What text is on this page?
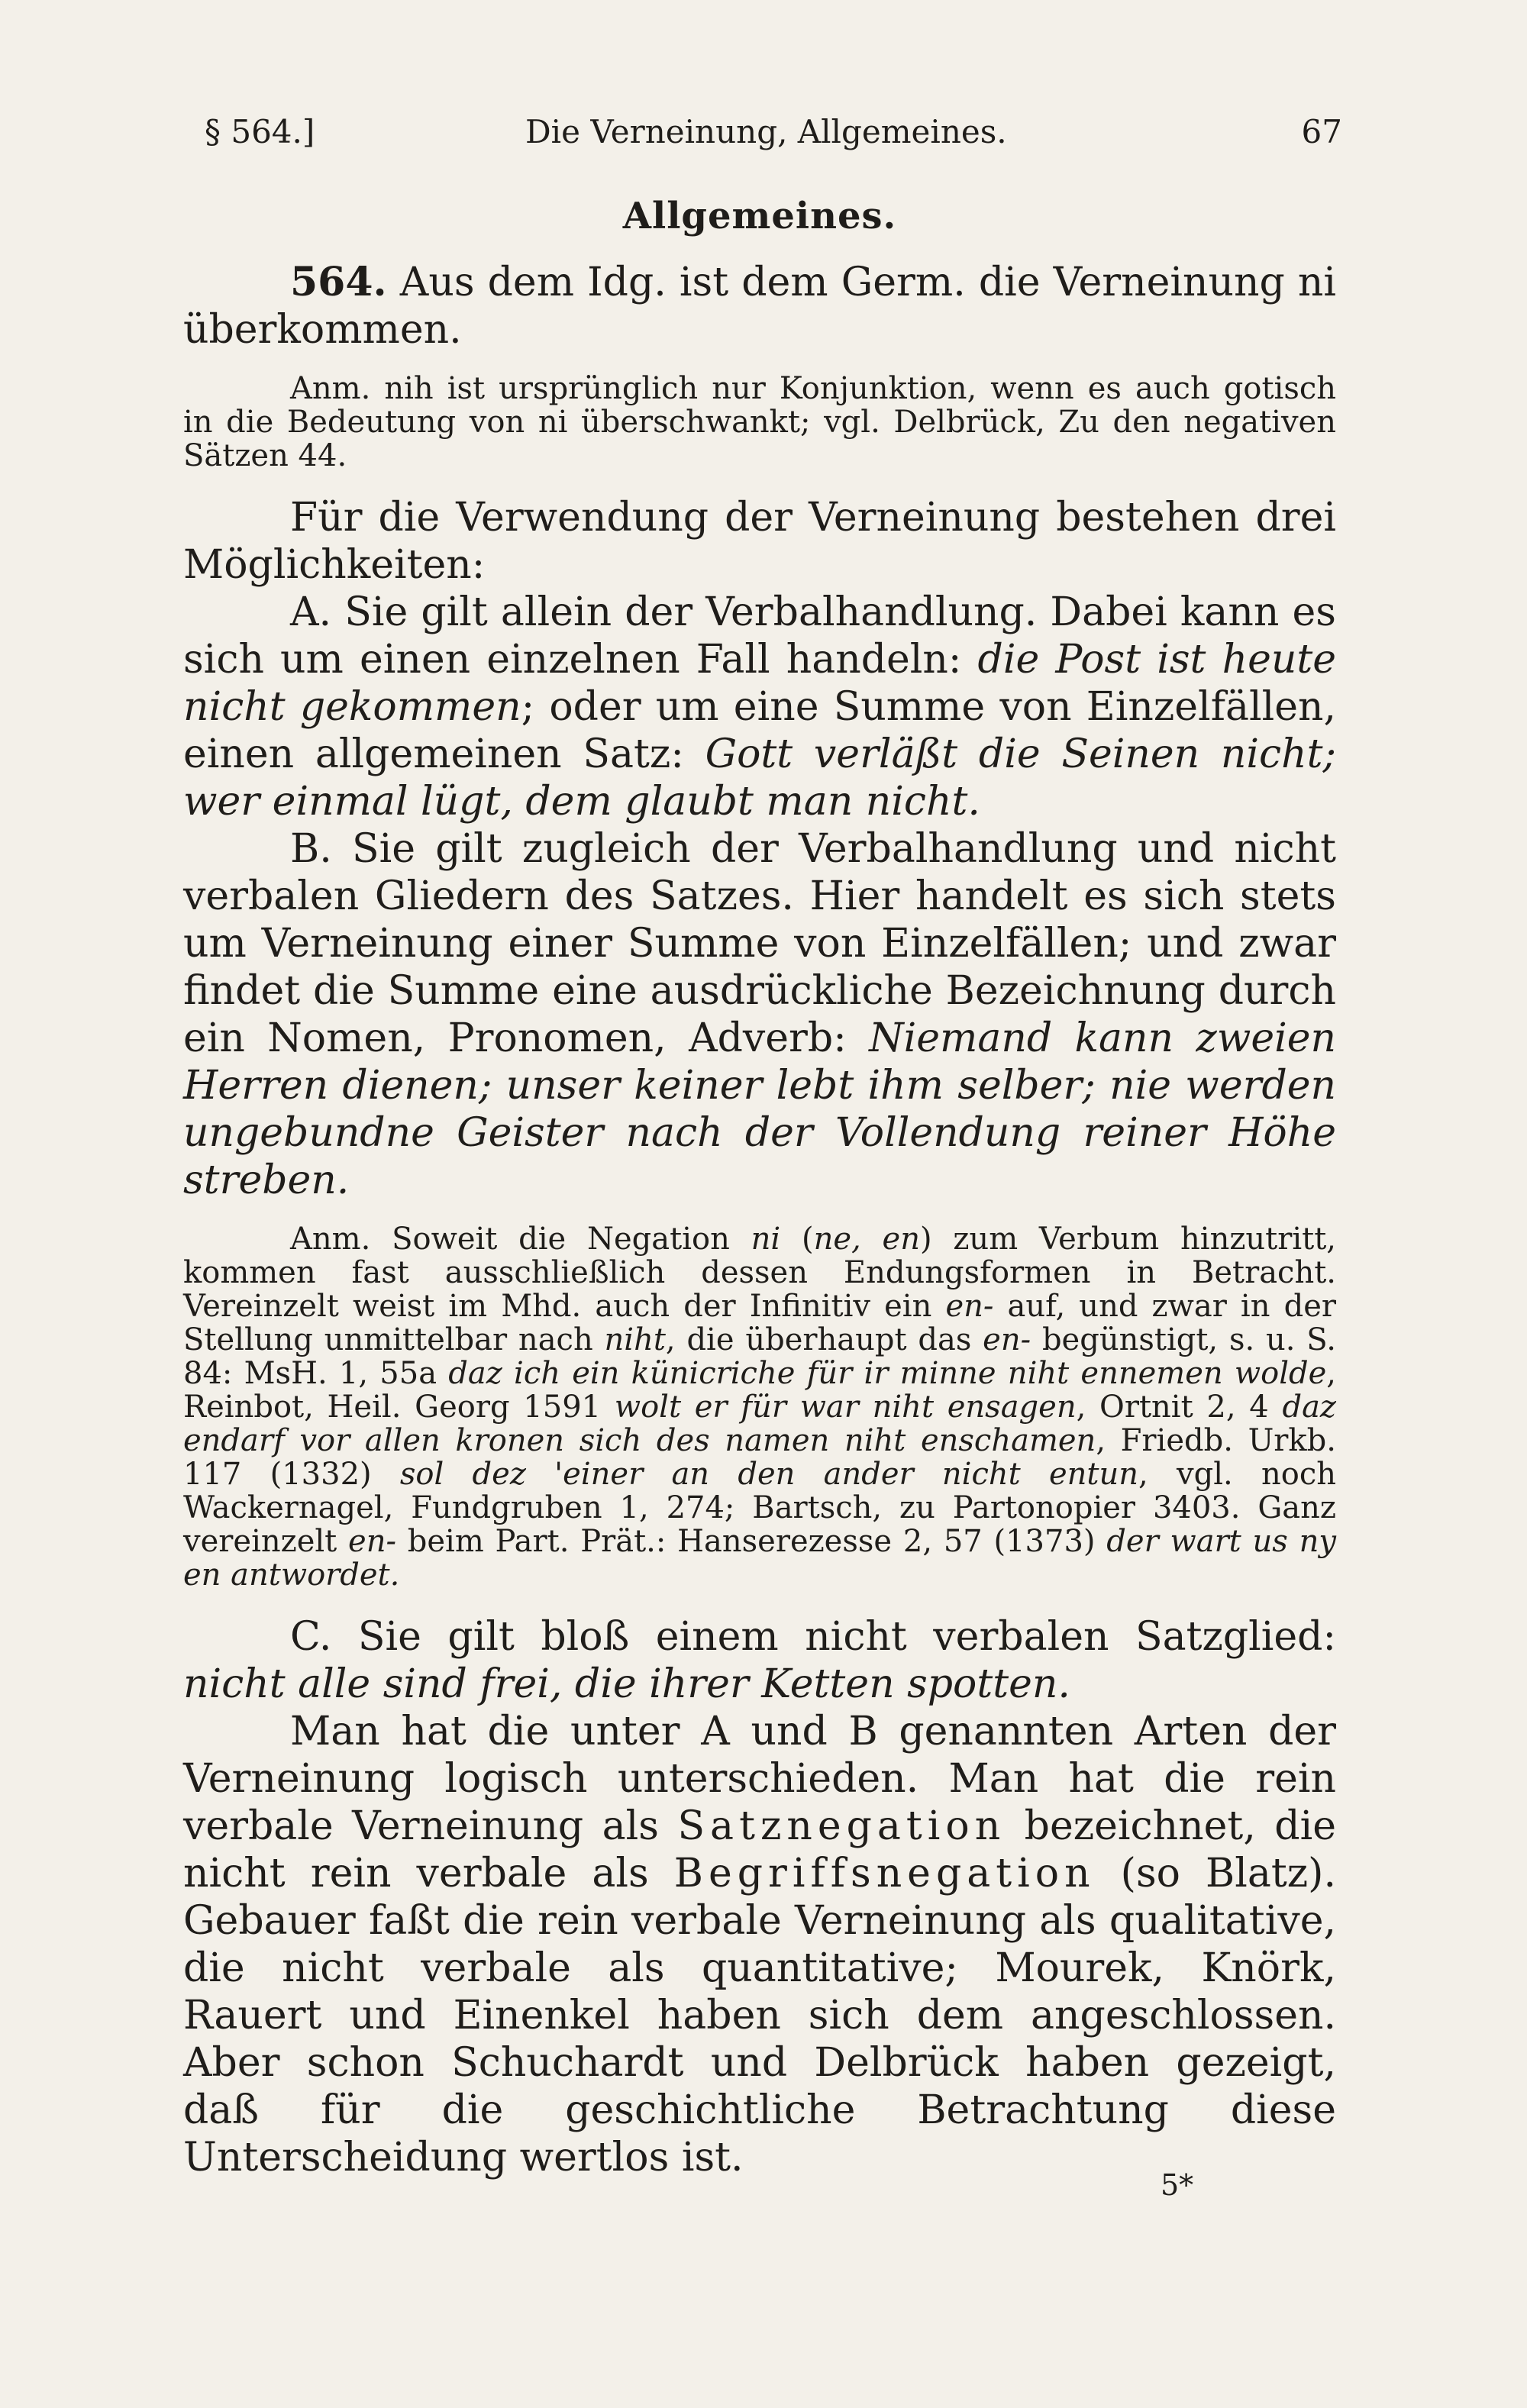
§ 564.]	Die Verneinung, Allgemeines.	67
Allgemeines.

564. Aus dem Idg. ist dem Germ. die Verneinung ni überkommen.

Anm. nih ist ursprünglich nur Konjunktion, wenn es auch gotisch in die Bedeutung von ni überschwankt; vgl. Delbrück, Zu den negativen Sätzen 44.

Für die Verwendung der Verneinung bestehen drei Möglichkeiten:

A. Sie gilt allein der Verbalhandlung. Dabei kann es sich um einen einzelnen Fall handeln: die Post ist heute nicht gekommen; oder um eine Summe von Einzelfällen, einen allgemeinen Satz: Gott verläßt die Seinen nicht; wer einmal lügt, dem glaubt man nicht.

B. Sie gilt zugleich der Verbalhandlung und nicht verbalen Gliedern des Satzes. Hier handelt es sich stets um Verneinung einer Summe von Einzelfällen; und zwar findet die Summe eine ausdrückliche Bezeichnung durch ein Nomen, Pronomen, Adverb: Niemand kann zweien Herren dienen; unser keiner lebt ihm selber; nie werden ungebundne Geister nach der Vollendung reiner Höhe streben.

Anm. Soweit die Negation ni (ne, en) zum Verbum hinzutritt, kommen fast ausschließlich dessen Endungsformen in Betracht. Vereinzelt weist im Mhd. auch der Infinitiv ein en- auf, und zwar in der Stellung unmittelbar nach niht, die überhaupt das en- begünstigt, s. u. S. 84: MsH. 1, 55a daz ich ein künicriche für ir minne niht ennemen wolde, Reinbot, Heil. Georg 1591 wolt er für war niht ensagen, Ortnit 2, 4 daz endarf vor allen kronen sich des namen niht enschamen, Friedb. Urkb. 117 (1332) sol dez 'einer an den ander nicht entun, vgl. noch Wackernagel, Fundgruben 1, 274; Bartsch, zu Partonopier 3403. Ganz vereinzelt en- beim Part. Prät.: Hanserezesse 2, 57 (1373) der wart us ny en antwordet.

C. Sie gilt bloß einem nicht verbalen Satzglied: nicht alle sind frei, die ihrer Ketten spotten.

Man hat die unter A und B genannten Arten der Verneinung logisch unterschieden. Man hat die rein verbale Verneinung als Satznegation bezeichnet, die nicht rein verbale als Begriffsnegation (so Blatz). Gebauer faßt die rein verbale Verneinung als qualitative, die nicht verbale als quantitative; Mourek, Knörk, Rauert und Einenkel haben sich dem angeschlossen. Aber schon Schuchardt und Delbrück haben gezeigt, daß für die geschichtliche Betrachtung diese Unterscheidung wertlos ist.

5*
